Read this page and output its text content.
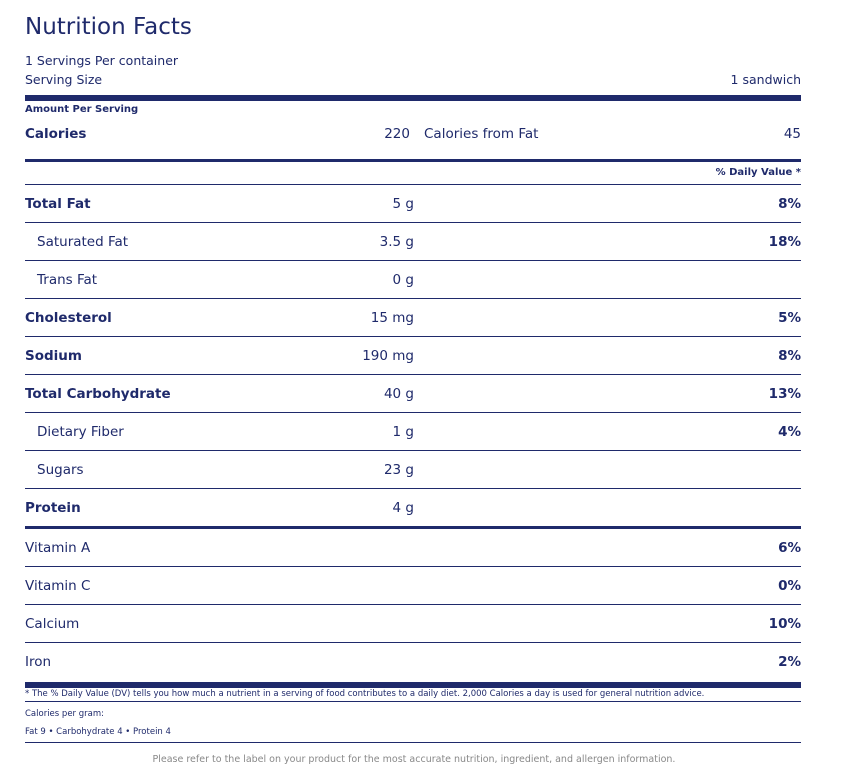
Nutrition Facts
1 Servings Per container
Serving Size	1 sandwich
Amount Per Serving
Calories	220 Calories from Fat	45
% Daily Value *
Total Fat	5 g	8%
Saturated Fat	3.5 g	18%
Trans Fat	0 g
Cholesterol	15 mg	5%
Sodium	190 mg	8%
Total Carbohydrate	40 g	13%
Dietary Fiber	1 g	4%
Sugars	23 g
Protein	4 g
Vitamin A	6%
Vitamin C	0%
Calcium	10%
Iron	2%
* The % Daily Value (DV) tells you how much a nutrient in a serving of food contributes to a daily diet. 2,000 Calories a day is used for general nutrition advice.
Calories per gram:
Fat 9 • Carbohydrate 4 • Protein 4
Please refer to the label on your product for the most accurate nutrition, ingredient, and allergen information.
